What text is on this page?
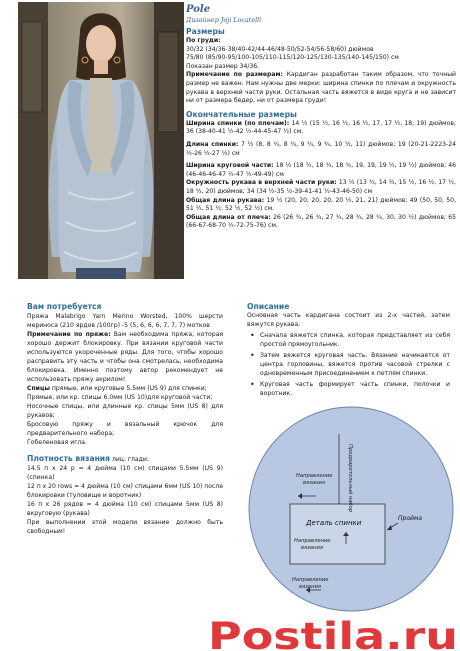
Pole
Дизайнер Joji Locatelli
Размеры
По груди:
30/32 (34/36-38/40-42/44-46/48-50/52-54/56-58/60) дюймов
75/80 (85/90-95/100-105/110-115/120-125/130-135/140-145/150) см
Показан размер 34/36.
Примечание по размерам: Кардиган разработан таким образом, что точный размер не важен. Нам нужны две мерки: ширина спинки по плечам и окружность рукава в верхней части руки. Остальная часть вяжется в виде круга и не зависит ни от размера бедер, ни от размера груди!
Окончательные размеры
Ширина спинки (по плечам): 14 ½ (15 ½, 16 ½, 16 ½, 17, 17 ½, 18, 19) дюймов; 36 (38-40-41 ½-42 ½-44-45-47 ½) см.
Длина спинки: 7 ½ (8, 8 ¾, 8 ¾, 9 ¾, 9 ¾, 10 ½, 11) дюймов; 19 (20-21-2223-24 ½-26 ½-27 ½) см
Ширина круговой части: 18 ½ (18 ½, 18 ¾, 18 ¾, 19, 19, 19 ½, 19 ½) дюймов; 46 (46-46-46-47 ½-47 ½-49-49) см
Окружность рукава в верхней части руки: 13 ½ (13 ¾, 14 ¾, 15 ½, 16 ½, 17 ½, 18 ½, 20) дюймов; 34 (34 ½-35 ½-39-41-41 ½-43-46-50) см
Общая длина рукава: 19 ½ (20, 20, 20, 20, 20 ½, 21, 21) дюймов; 49 (50, 50, 50, 51 ½, 51 ½, 52 ½, 52 ½) см.
Общая длина от плеча: 26 (26 ¾, 26 ¾, 27 ¾, 28 ¾, 28 ¾, 30, 30 ½) дюймов; 65 (66-67-68-70 ½-72-75-76) см.
Вам потребуется
Пряжа Malabrigo Yarn Merino Worsted, 100% шерсти мериноса (210 ярдов /100гр) -5 (5, 6, 6, 6, 7, 7, 7) мотков
Примечание по пряже: Вам необходима пряжа, которая хорошо держит блокировку. При вязании круговой части используются укороченные ряды. Для того, чтобы хорошо расправить эту часть и чтобы она смотрелась, необходима блокировка. Именно поэтому автор рекомендует не использовать пряжу акрилом!
Спицы прямые, или круговые 5.5мм (US 9) для спинки;
Прямые, или кр. спицы 6.0мм (US 10)для круговой части;
Носочные спицы, или длинные кр. спицы 5мм (US 8) для рукавов;
Бросовую пряжу и вязальный крючок для предварительного набора;
Гобеленовая игла.
Плотность вязания лиц. глади:
14.5 п х 24 р = 4 дюйма (10 см) спицами 5.5мм (US 9) (спинка)
12 п х 20 rows = 4 дюйма (10 см) спицами 6мм (US 10) после блокировки (туловище и воротник)
16 п х 26 рядов = 4 дюйма (10 см) спицами 5мм (US 8) вкруговую (рукава)
При выполнении этой модели вязание должно быть свободным!
Описание
Основная часть кардигана состоит из 2-х частей, затем вяжутся рукава.
• Сначала вяжется спинка, которая представляет из себя простой прямоугольник.
• Затем вяжется круговая часть. Вязание начинается от центра горловины, вяжется против часовой стрелки с одновременным присоединением к петлям спинки.
• Круговая часть формирует часть спинки, полочки и воротник.
Направление
вязания	Предварительный набор
Деталь спинки
Пройма
Направление
вязания
Направление
вязания
Postila.ru
